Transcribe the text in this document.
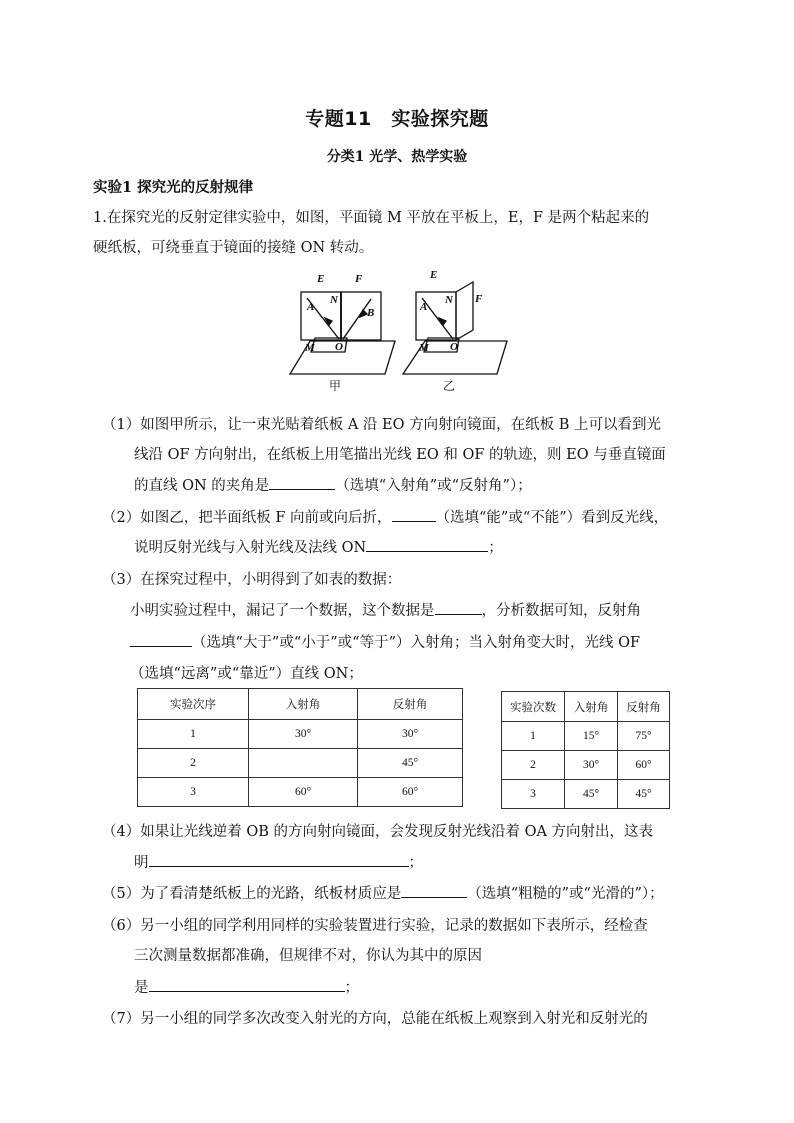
专题11　实验探究题
分类1 光学、热学实验
实验1 探究光的反射规律
1.在探究光的反射定律实验中，如图，平面镜 M 平放在平板上，E，F 是两个粘起来的
硬纸板，可绕垂直于镜面的接缝 ON 转动。
E	F
N
A	B
M O
E
F
N
A
M O
甲	乙
（1）如图甲所示，让一束光贴着纸板 A 沿 EO 方向射向镜面，在纸板 B 上可以看到光
线沿 OF 方向射出，在纸板上用笔描出光线 EO 和 OF 的轨迹，则 EO 与垂直镜面
的直线 ON 的夹角是	（选填“入射角”或“反射角”）；
（2）如图乙，把半面纸板 F 向前或向后折，	（选填“能”或“不能”）看到反光线，
说明反射光线与入射光线及法线 ON	；
（3）在探究过程中，小明得到了如表的数据：
小明实验过程中，漏记了一个数据，这个数据是	，分析数据可知，反射角
（选填“大于”或“小于”或“等于”）入射角；当入射角变大时，光线 OF
（选填“远离”或“靠近”）直线 ON；
实验次序	入射角	反射角
1	30°	30°
2		45°
3	60°	60°
实验次数	入射角	反射角
1	15°	75°
2	30°	60°
3	45°	45°
（4）如果让光线逆着 OB 的方向射向镜面，会发现反射光线沿着 OA 方向射出，这表
明	；
（5）为了看清楚纸板上的光路，纸板材质应是	（选填“粗糙的”或“光滑的”）；
（6）另一小组的同学利用同样的实验装置进行实验，记录的数据如下表所示，经检查
三次测量数据都准确，但规律不对，你认为其中的原因
是	；
（7）另一小组的同学多次改变入射光的方向，总能在纸板上观察到入射光和反射光的
